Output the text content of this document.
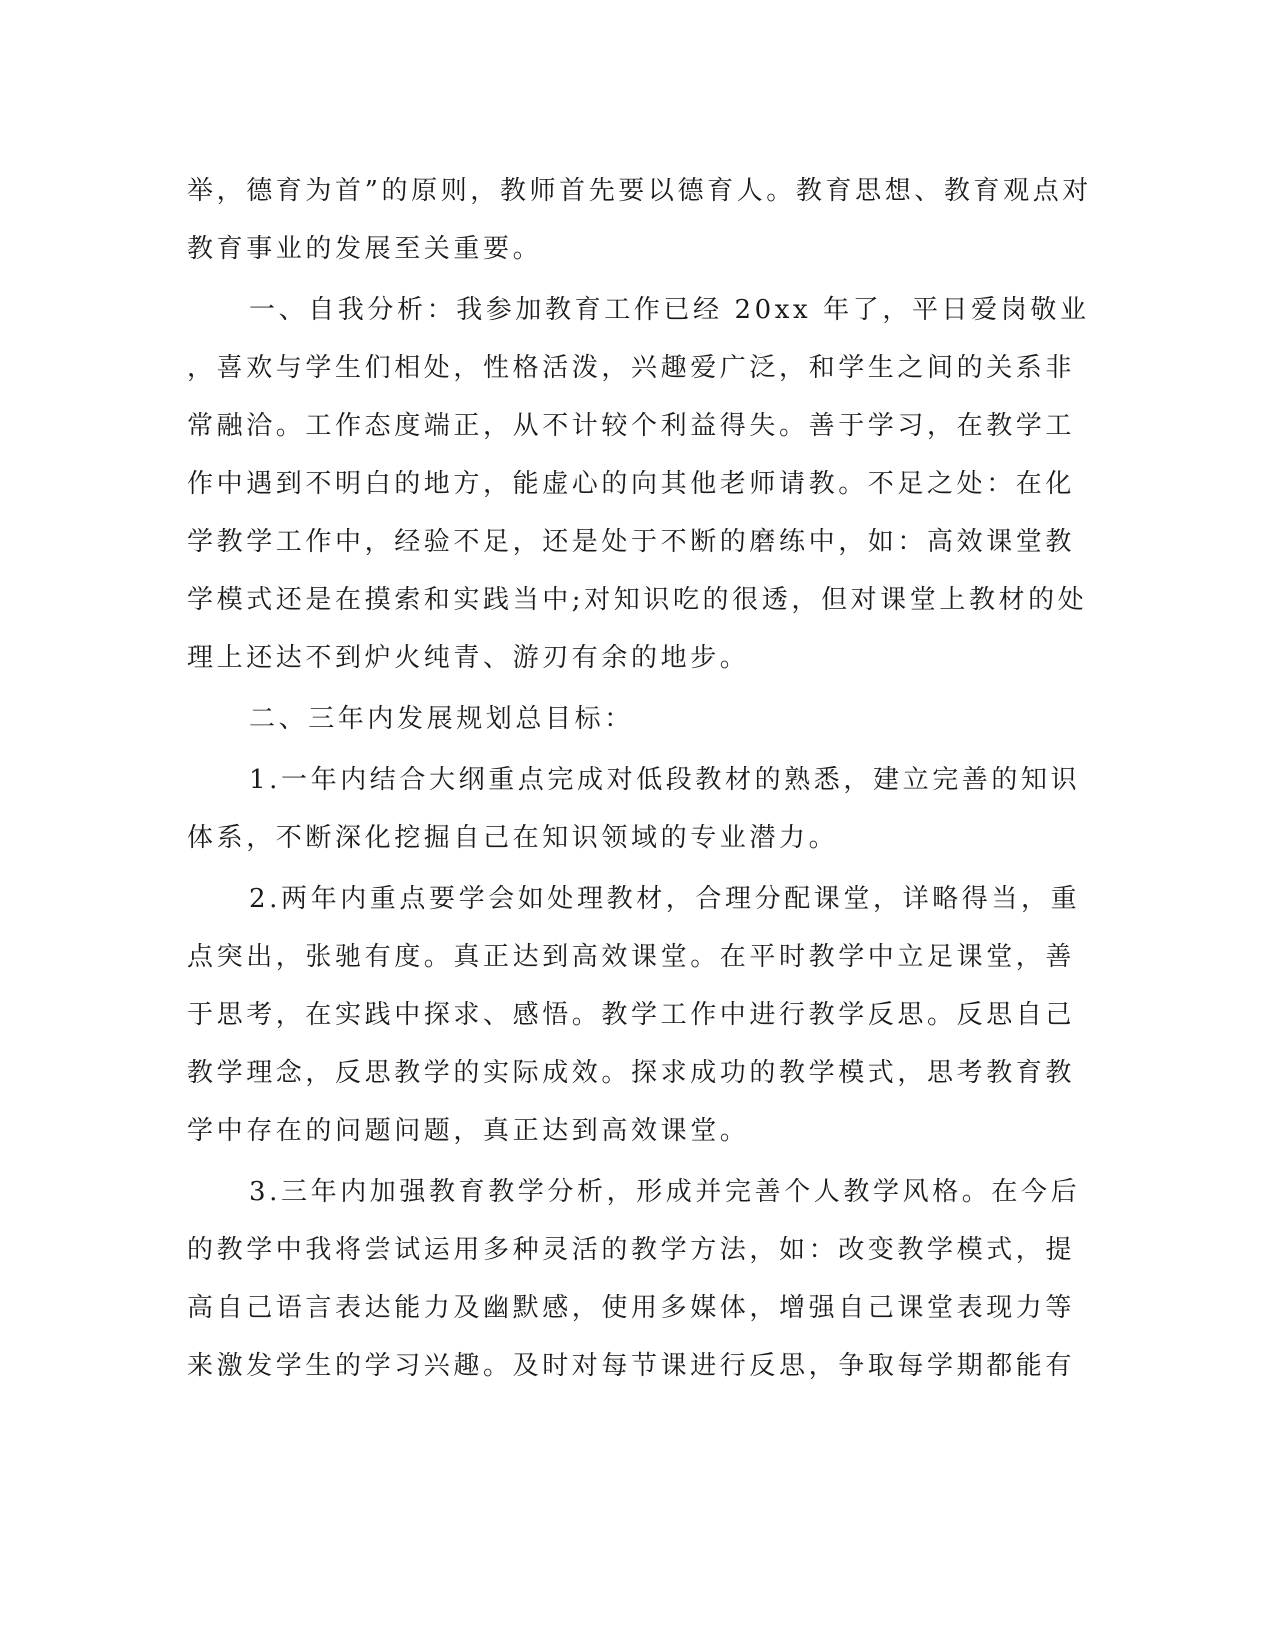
举，德育为首”的原则，教师首先要以德育人。教育思想、教育观点对
教育事业的发展至关重要。
一、自我分析：我参加教育工作已经 20xx 年了，平日爱岗敬业
，喜欢与学生们相处，性格活泼，兴趣爱广泛，和学生之间的关系非
常融洽。工作态度端正，从不计较个利益得失。善于学习，在教学工
作中遇到不明白的地方，能虚心的向其他老师请教。不足之处：在化
学教学工作中，经验不足，还是处于不断的磨练中，如：高效课堂教
学模式还是在摸索和实践当中;对知识吃的很透，但对课堂上教材的处
理上还达不到炉火纯青、游刃有余的地步。
二、三年内发展规划总目标：
1.一年内结合大纲重点完成对低段教材的熟悉，建立完善的知识
体系，不断深化挖掘自己在知识领域的专业潜力。
2.两年内重点要学会如处理教材，合理分配课堂，详略得当，重
点突出，张驰有度。真正达到高效课堂。在平时教学中立足课堂，善
于思考，在实践中探求、感悟。教学工作中进行教学反思。反思自己
教学理念，反思教学的实际成效。探求成功的教学模式，思考教育教
学中存在的问题问题，真正达到高效课堂。
3.三年内加强教育教学分析，形成并完善个人教学风格。在今后
的教学中我将尝试运用多种灵活的教学方法，如：改变教学模式，提
高自己语言表达能力及幽默感，使用多媒体，增强自己课堂表现力等
来激发学生的学习兴趣。及时对每节课进行反思，争取每学期都能有
